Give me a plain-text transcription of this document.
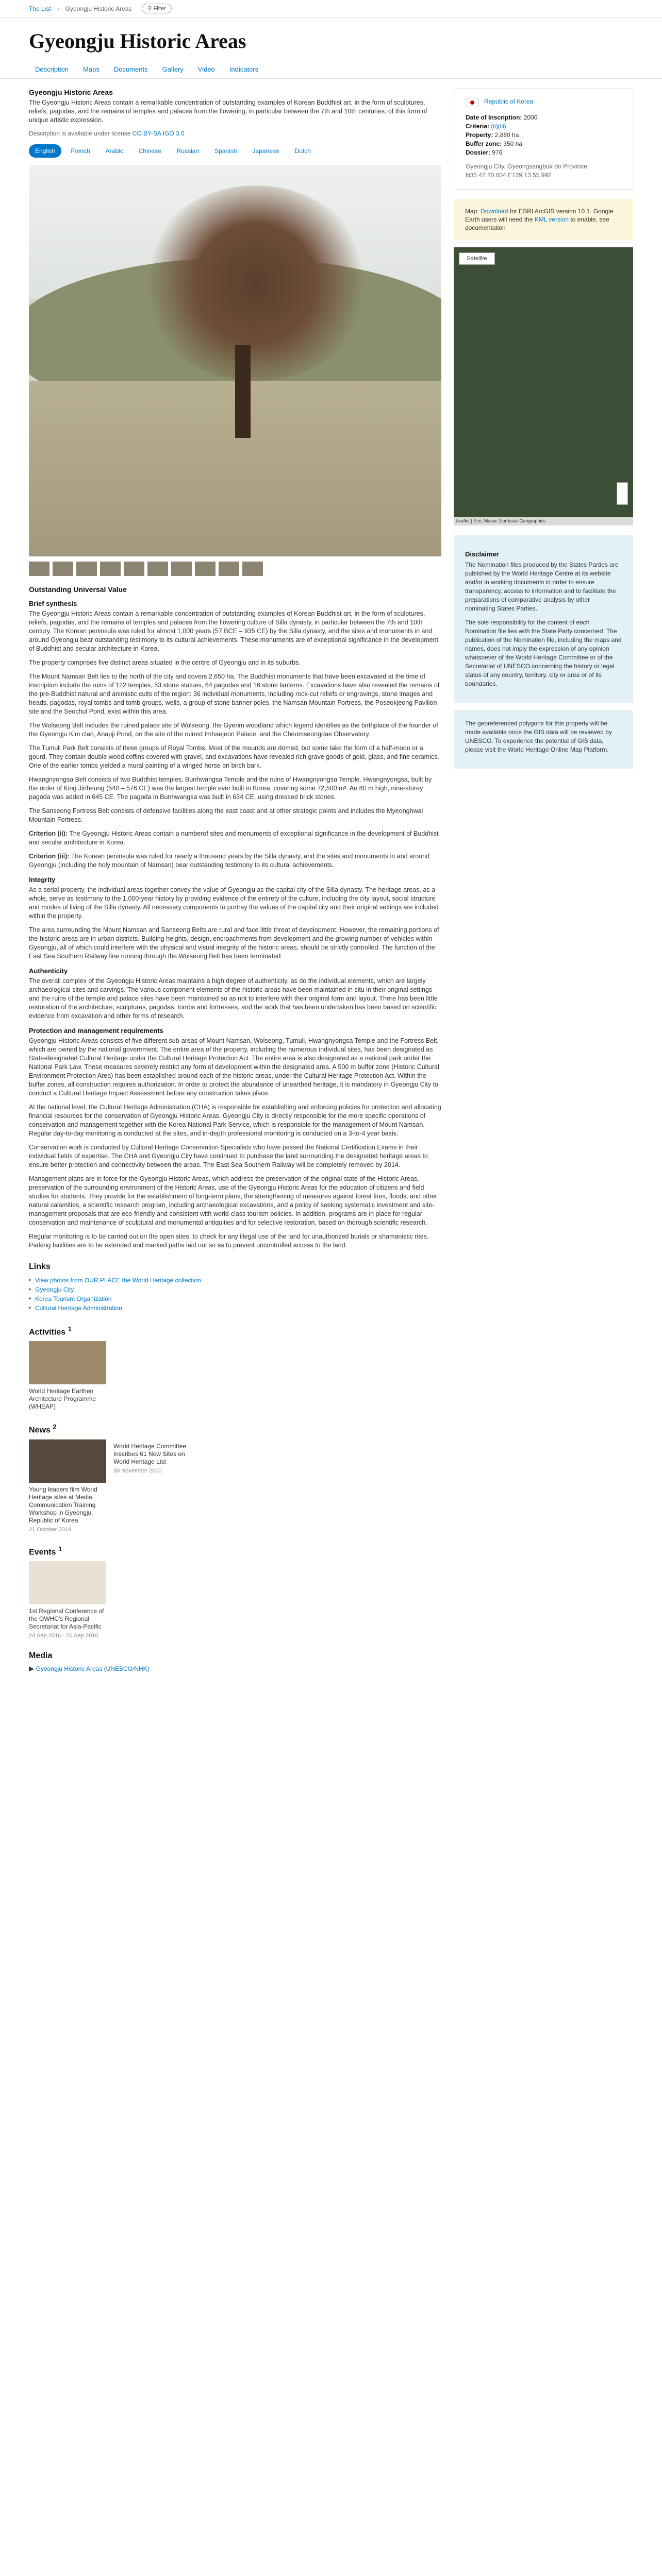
The List › Gyeongju Historic Areas	⚲ Filter
Gyeongju Historic Areas
Description	Maps	Documents	Gallery	Video	Indicators
Gyeongju Historic Areas

The Gyeongju Historic Areas contain a remarkable concentration of outstanding examples of Korean Buddhist art, in the form of sculptures, reliefs, pagodas, and the remains of temples and palaces from the flowering, in particular between the 7th and 10th centuries, of this form of unique artistic expression.

Description is available under license CC-BY-SA IGO 3.0
English	French	Arabic	Chinese	Russian	Spanish	Japanese	Dutch
Outstanding Universal Value
Brief synthesis

The Gyeongju Historic Areas contain a remarkable concentration of outstanding examples of Korean Buddhist art, in the form of sculptures, reliefs, pagodas, and the remains of temples and palaces from the flowering culture of Silla dynasty, in particular between the 7th and 10th century. The Korean peninsula was ruled for almost 1,000 years (57 BCE – 935 CE) by the Silla dynasty, and the sites and monuments in and around Gyeongju bear outstanding testimony to its cultural achievements. These monuments are of exceptional significance in the development of Buddhist and secular architecture in Korea.

The property comprises five distinct areas situated in the centre of Gyeongju and in its suburbs.

The Mount Namsan Belt lies to the north of the city and covers 2,650 ha. The Buddhist monuments that have been excavated at the time of inscription include the ruins of 122 temples, 53 stone statues, 64 pagodas and 16 stone lanterns. Excavations have also revealed the remains of the pre-Buddhist natural and animistic cults of the region: 36 individual monuments, including rock-cut reliefs or engravings, stone images and heads, pagodas, royal tombs and tomb groups, wells, a group of stone banner poles, the Namsan Mountain Fortress, the Poseokjeong Pavilion site and the Seochul Pond, exist within this area.

The Wolseong Belt includes the ruined palace site of Wolseong, the Gyerim woodland which legend identifies as the birthplace of the founder of the Gyeongju Kim clan, Anapji Pond, on the site of the ruined Imhaejeon Palace, and the Cheomseongdae Observatory.

The Tumuli Park Belt consists of three groups of Royal Tombs. Most of the mounds are domed, but some take the form of a half-moon or a gourd. They contain double wood coffins covered with gravel, and excavations have revealed rich grave goods of gold, glass, and fine ceramics. One of the earlier tombs yielded a mural painting of a winged horse on birch bark.

Hwangnyongsa Belt consists of two Buddhist temples, Bunhwangsa Temple and the ruins of Hwangnyongsa Temple. Hwangnyongsa, built by the order of King Jinheung (540 – 576 CE) was the largest temple ever built in Korea, covering some 72,500 m². An 80 m high, nine-storey pagoda was added in 645 CE. The pagoda in Bunhwangsa was built in 634 CE, using dressed brick stones.

The Sanseong Fortress Belt consists of defensive facilities along the east coast and at other strategic points and includes the Myeonghwal Mountain Fortress.

Criterion (ii): The Gyeongju Historic Areas contain a numberof sites and monuments of exceptional significance in the development of Buddhist and secular architecture in Korea.

Criterion (iii): The Korean peninsula was ruled for nearly a thousand years by the Silla dynasty, and the sites and monuments in and around Gyeongju (including the holy mountain of Namsan) bear outstanding testimony to its cultural achievements.

Integrity

As a serial property, the individual areas together convey the value of Gyeongju as the capital city of the Silla dynasty. The heritage areas, as a whole, serve as testimony to the 1,000-year history by providing evidence of the entirety of the culture, including the city layout, social structure and modes of living of the Silla dynasty. All necessary components to portray the values of the capital city and their original settings are included within the property.

The area surrounding the Mount Namsan and Sanseong Belts are rural and face little threat of development. However, the remaining portions of the historic areas are in urban districts. Building heights, design, encroachments from development and the growing number of vehicles within Gyeongju, all of which could interfere with the physical and visual integrity of the historic areas, should be strictly controlled. The function of the East Sea Southern Railway line running through the Wolseong Belt has been terminated.

Authenticity

The overall complex of the Gyeongju Historic Areas maintains a high degree of authenticity, as do the individual elements, which are largely archaeological sites and carvings. The various component elements of the historic areas have been maintained in situ in their original settings and the ruins of the temple and palace sites have been maintained so as not to interfere with their original form and layout. There has been little restoration of the architecture, sculptures, pagodas, tombs and fortresses, and the work that has been undertaken has been based on scientific evidence from excavation and other forms of research.

Protection and management requirements

Gyeongju Historic Areas consists of five different sub-areas of Mount Namsan, Wolseong, Tumuli, Hwangnyongsa Temple and the Fortress Belt, which are owned by the national government. The entire area of the property, including the numerous individual sites, has been designated as State-designated Cultural Heritage under the Cultural Heritage Protection Act. The entire area is also designated as a national park under the National Park Law. These measures severely restrict any form of development within the designated area. A 500 m buffer zone (Historic Cultural Environment Protection Area) has been established around each of the historic areas, under the Cultural Heritage Protection Act. Within the buffer zones, all construction requires authorization. In order to protect the abundance of unearthed heritage, it is mandatory in Gyeongju City to conduct a Cultural Heritage Impact Assessment before any construction takes place.

At the national level, the Cultural Heritage Administration (CHA) is responsible for establishing and enforcing policies for protection and allocating financial resources for the conservation of Gyeongju Historic Areas. Gyeongju City is directly responsible for the more specific operations of conservation and management together with the Korea National Park Service, which is responsible for the management of Mount Namsan. Regular day-to-day monitoring is conducted at the sites, and in-depth professional monitoring is conducted on a 3-to-4 year basis.

Conservation work is conducted by Cultural Heritage Conservation Specialists who have passed the National Certification Exams in their individual fields of expertise. The CHA and Gyeongju City have continued to purchase the land surrounding the designated heritage areas to ensure better protection and connectivity between the areas. The East Sea Southern Railway will be completely removed by 2014.

Management plans are in force for the Gyeongju Historic Areas, which address the preservation of the original state of the Historic Areas, preservation of the surrounding environment of the Historic Areas, use of the Gyeongju Historic Areas for the education of citizens and field studies for students. They provide for the establishment of long-term plans, the strengthening of measures against forest fires, floods, and other natural calamities, a scientific research program, including archaeological excavations, and a policy of seeking systematic investment and site-management proposals that are eco-friendly and consistent with world-class tourism policies. In addition, programs are in place for regular conservation and maintenance of sculptural and monumental antiquities and for selective restoration, based on thorough scientific research.

Regular monitoring is to be carried out on the open sites, to check for any illegal use of the land for unauthorized burials or shamanistic rites. Parking facilities are to be extended and marked paths laid out so as to prevent uncontrolled access to the land.

Links
▸ View photos from OUR PLACE the World Heritage collection
▸ Gyeongju City
▸ Korea Tourism Organization
▸ Cultural Heritage Administration
Activities $^1$
World Heritage Earthen Architecture Programme (WHEAP)
News $^2$
Young leaders film World Heritage sites at Media Communication Training Workshop in Gyeongju, Republic of Korea
21 October 2014
World Heritage Committee Inscribes 61 New Sites on World Heritage List
30 November 2000
Events $^1$
1st Regional Conference of the OWHC's Regional Secretariat for Asia-Pacific
24 Sep 2016 - 26 Sep 2016
Media
▶ Gyeongju Historic Areas (UNESCO/NHK)
Republic of Korea
Date of Inscription: 2000
Criteria: (ii)(iii)
Property: 2,880 ha
Buffer zone: 350 ha
Dossier: 976
Gyeongju City, Gyeongsangbuk-do Province
N35 47 20.004 E129 13 55.992
Map: Download for ESRI ArcGIS version 10.1. Google Earth users will need the KML version to enable, see documentation
Satellite
Leaflet | Esri, Maxar, Earthstar Geographics
Disclaimer

The Nomination files produced by the States Parties are published by the World Heritage Centre at its website and/or in working documents in order to ensure transparency, access to information and to facilitate the preparations of comparative analysis by other nominating States Parties.

The sole responsibility for the content of each Nomination file lies with the State Party concerned. The publication of the Nomination file, including the maps and names, does not imply the expression of any opinion whatsoever of the World Heritage Committee or of the Secretariat of UNESCO concerning the history or legal status of any country, territory, city or area or of its boundaries.

The georeferenced polygons for this property will be made available once the GIS data will be reviewed by UNESCO. To experience the potential of GIS data, please visit the World Heritage Online Map Platform.
